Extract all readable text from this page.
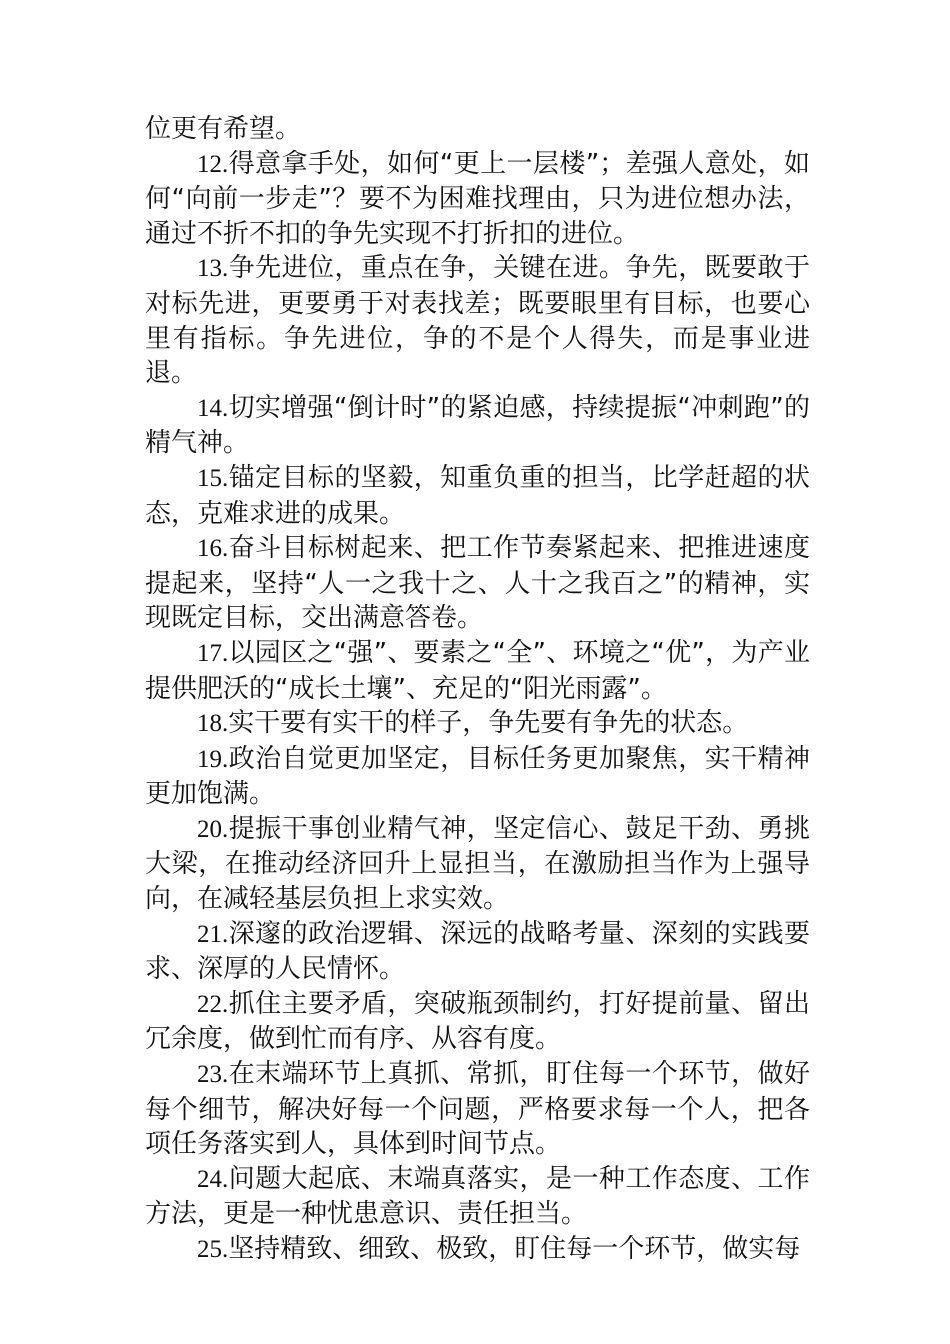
位更有希望。

12.得意拿手处，如何“更上一层楼”；差强人意处，如何“向前一步走”？要不为困难找理由，只为进位想办法，通过不折不扣的争先实现不打折扣的进位。

13.争先进位，重点在争，关键在进。争先，既要敢于对标先进，更要勇于对表找差；既要眼里有目标，也要心里有指标。争先进位，争的不是个人得失，而是事业进退。

14.切实增强“倒计时”的紧迫感，持续提振“冲刺跑”的精气神。

15.锚定目标的坚毅，知重负重的担当，比学赶超的状态，克难求进的成果。

16.奋斗目标树起来、把工作节奏紧起来、把推进速度提起来，坚持“人一之我十之、人十之我百之”的精神，实现既定目标，交出满意答卷。

17.以园区之“强”、要素之“全”、环境之“优”，为产业提供肥沃的“成长土壤”、充足的“阳光雨露”。

18.实干要有实干的样子，争先要有争先的状态。

19.政治自觉更加坚定，目标任务更加聚焦，实干精神更加饱满。

20.提振干事创业精气神，坚定信心、鼓足干劲、勇挑大梁，在推动经济回升上显担当，在激励担当作为上强导向，在减轻基层负担上求实效。

21.深邃的政治逻辑、深远的战略考量、深刻的实践要求、深厚的人民情怀。

22.抓住主要矛盾，突破瓶颈制约，打好提前量、留出冗余度，做到忙而有序、从容有度。

23.在末端环节上真抓、常抓，盯住每一个环节，做好每个细节，解决好每一个问题，严格要求每一个人，把各项任务落实到人，具体到时间节点。

24.问题大起底、末端真落实，是一种工作态度、工作方法，更是一种忧患意识、责任担当。

25.坚持精致、细致、极致，盯住每一个环节，做实每
